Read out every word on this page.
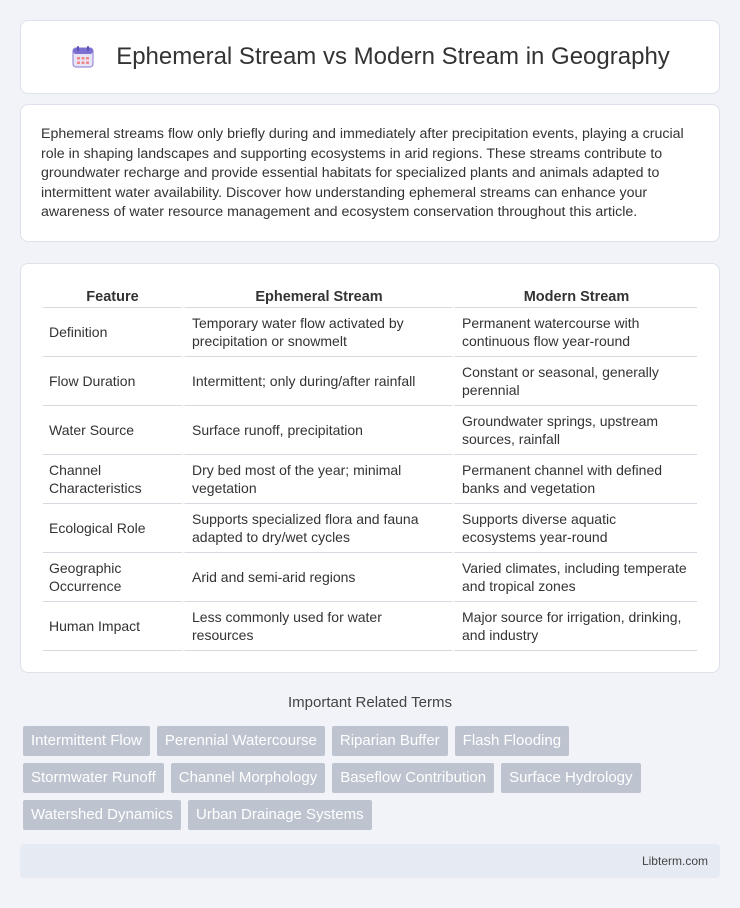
Ephemeral Stream vs Modern Stream in Geography

Ephemeral streams flow only briefly during and immediately after precipitation events, playing a crucial role in shaping landscapes and supporting ecosystems in arid regions. These streams contribute to groundwater recharge and provide essential habitats for specialized plants and animals adapted to intermittent water availability. Discover how understanding ephemeral streams can enhance your awareness of water resource management and ecosystem conservation throughout this article.

Feature	Ephemeral Stream	Modern Stream
Definition	Temporary water flow activated by precipitation or snowmelt	Permanent watercourse with continuous flow year-round
Flow Duration	Intermittent; only during/after rainfall	Constant or seasonal, generally perennial
Water Source	Surface runoff, precipitation	Groundwater springs, upstream sources, rainfall
Channel Characteristics	Dry bed most of the year; minimal vegetation	Permanent channel with defined banks and vegetation
Ecological Role	Supports specialized flora and fauna adapted to dry/wet cycles	Supports diverse aquatic ecosystems year-round
Geographic Occurrence	Arid and semi-arid regions	Varied climates, including temperate and tropical zones
Human Impact	Less commonly used for water resources	Major source for irrigation, drinking, and industry
Important Related Terms
Intermittent Flow	Perennial Watercourse	Riparian Buffer	Flash Flooding
Stormwater Runoff	Channel Morphology	Baseflow Contribution	Surface Hydrology
Watershed Dynamics	Urban Drainage Systems
Libterm.com
